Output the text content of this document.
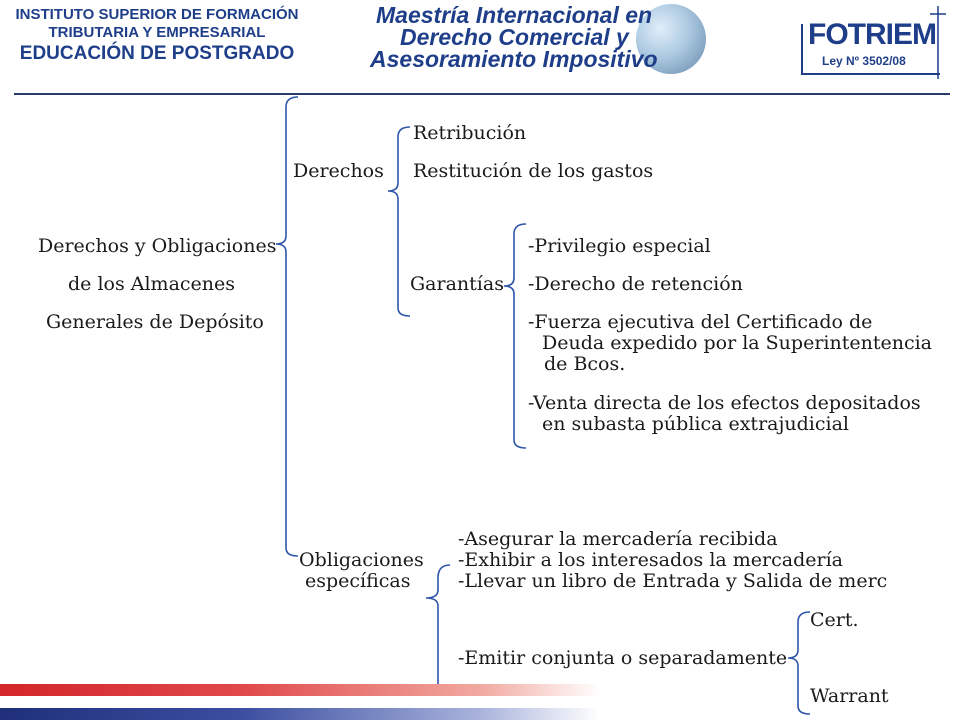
INSTITUTO SUPERIOR DE FORMACIÓN
TRIBUTARIA Y EMPRESARIAL
EDUCACIÓN DE POSTGRADO
Maestría Internacional en
Derecho Comercial y
Asesoramiento Impositivo
FOTRIEM
Ley Nº 3502/08
Derechos y Obligaciones
de los Almacenes
Generales de Depósito
Derechos
Retribución
Restitución de los gastos
Garantías
-Privilegio especial
-Derecho de retención
-Fuerza ejecutiva del Certificado de
Deuda expedido por la Superintentencia
de Bcos.
-Venta directa de los efectos depositados
en subasta pública extrajudicial
Obligaciones
específicas
-Asegurar la mercadería recibida
-Exhibir a los interesados la mercadería
-Llevar un libro de Entrada y Salida de merc
-Emitir conjunta o separadamente
Cert.
Warrant
